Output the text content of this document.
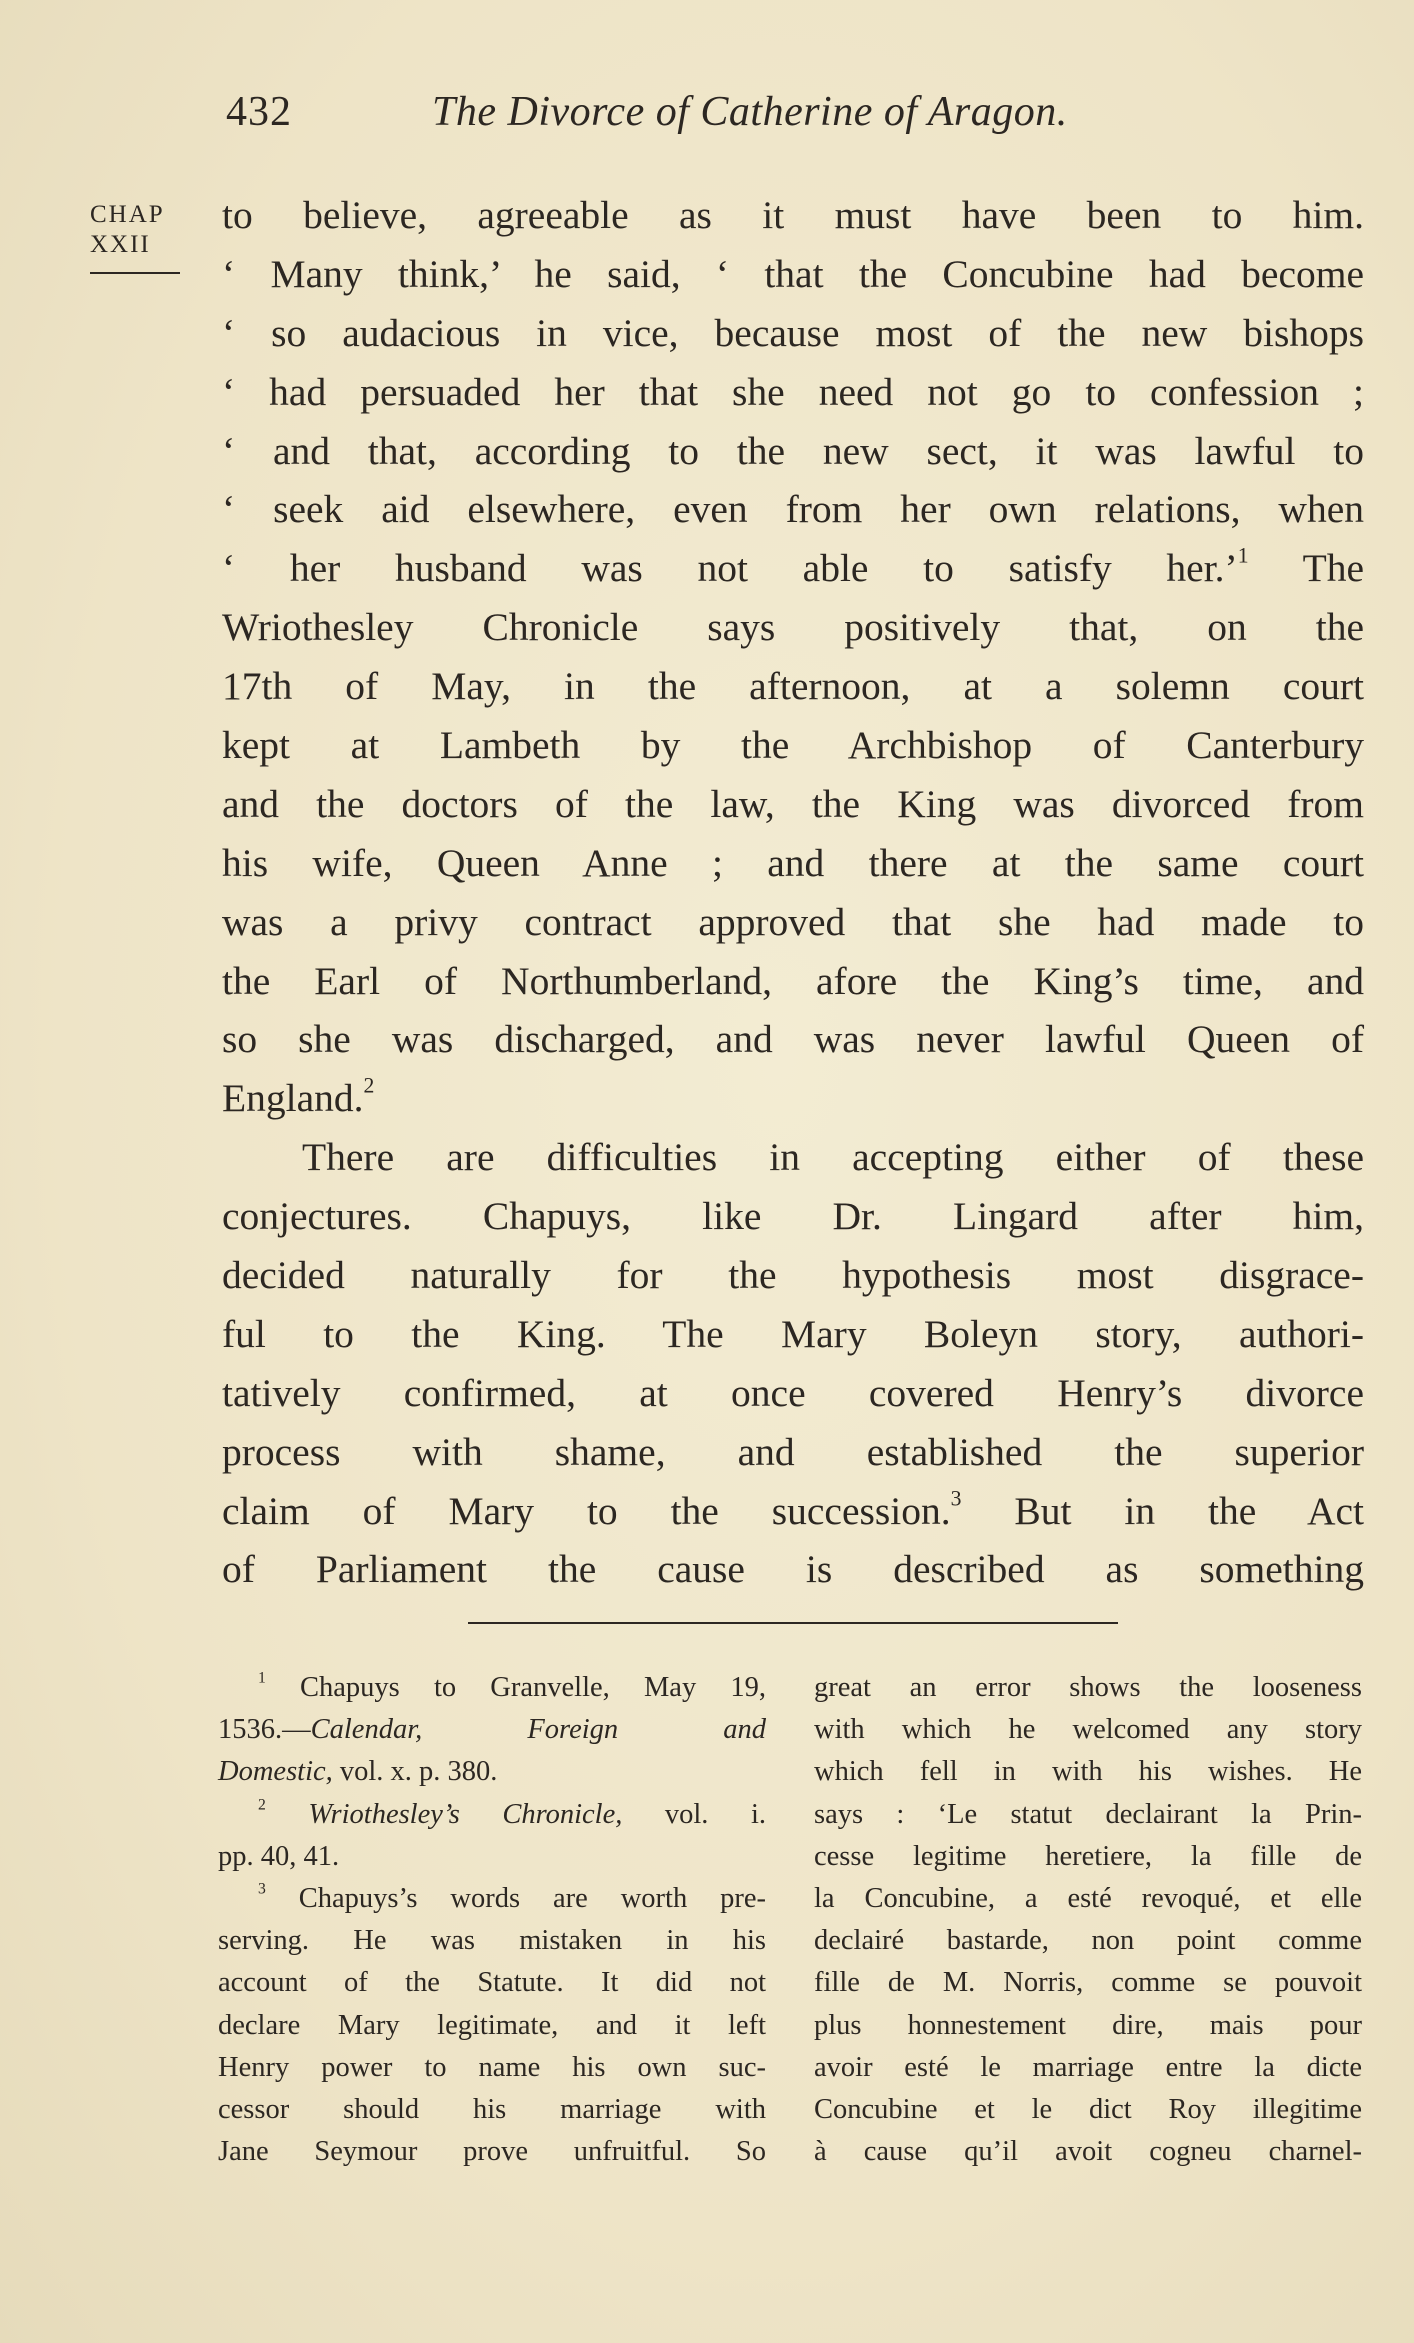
432	The Divorce of Catherine of Aragon.
CHAP
XXII
to believe, agreeable as it must have been to him.
‘ Many think,’ he said, ‘ that the Concubine had become
‘ so audacious in vice, because most of the new bishops
‘ had persuaded her that she need not go to confession ;
‘ and that, according to the new sect, it was lawful to
‘ seek aid elsewhere, even from her own relations, when
‘ her husband was not able to satisfy her.’$^1$ The
Wriothesley Chronicle says positively that, on the
17th of May, in the afternoon, at a solemn court
kept at Lambeth by the Archbishop of Canterbury
and the doctors of the law, the King was divorced from
his wife, Queen Anne ; and there at the same court
was a privy contract approved that she had made to
the Earl of Northumberland, afore the King’s time, and
so she was discharged, and was never lawful Queen of
England.$^2$
There are difficulties in accepting either of these
conjectures. Chapuys, like Dr. Lingard after him,
decided naturally for the hypothesis most disgrace-
ful to the King. The Mary Boleyn story, authori-
tatively confirmed, at once covered Henry’s divorce
process with shame, and established the superior
claim of Mary to the succession.$^3$ But in the Act
of Parliament the cause is described as something
$^1$ Chapuys to Granvelle, May 19,
1536.—Calendar,	Foreign	and
Domestic, vol. x. p. 380.
$^2$ Wriothesley’s Chronicle, vol. i.
pp. 40, 41.
$^3$ Chapuys’s words are worth pre-
serving. He was mistaken in his
account of the Statute. It did not
declare Mary legitimate, and it left
Henry power to name his own suc-
cessor should his marriage with
Jane Seymour prove unfruitful. So
great an error shows the looseness
with which he welcomed any story
which fell in with his wishes. He
says : ‘Le statut declairant la Prin-
cesse legitime heretiere, la fille de
la Concubine, a esté revoqué, et elle
declairé bastarde, non point comme
fille de M. Norris, comme se pouvoit
plus honnestement dire, mais pour
avoir esté le marriage entre la dicte
Concubine et le dict Roy illegitime
à cause qu’il avoit cogneu charnel-
